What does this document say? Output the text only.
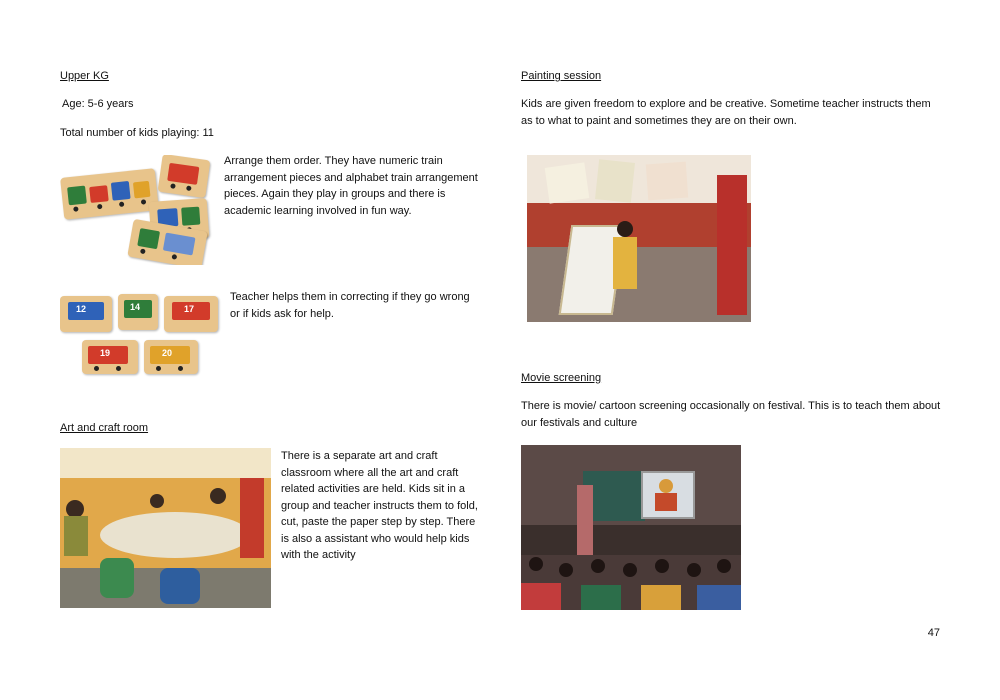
Upper KG

Age: 5-6 years

Total number of kids playing: 11

Arrange them order. They have numeric train arrangement pieces and alphabet train arrangement pieces. Again they play in groups and there is academic learning involved in fun way.

12	14	17
19	20

Teacher helps them in correcting if they go wrong or if kids ask for help.

Art and craft room

There is a separate art and craft classroom where all the art and craft related activities are held. Kids sit in a group and teacher instructs them to fold, cut, paste the paper step by step. There is also a assistant who would help kids with the activity

Painting session

Kids are given freedom to explore and be creative. Sometime teacher instructs them as to what to paint and sometimes they are on their own.

Movie screening

There is movie/ cartoon screening occasionally on festival. This is to teach them about our festivals and culture

47
